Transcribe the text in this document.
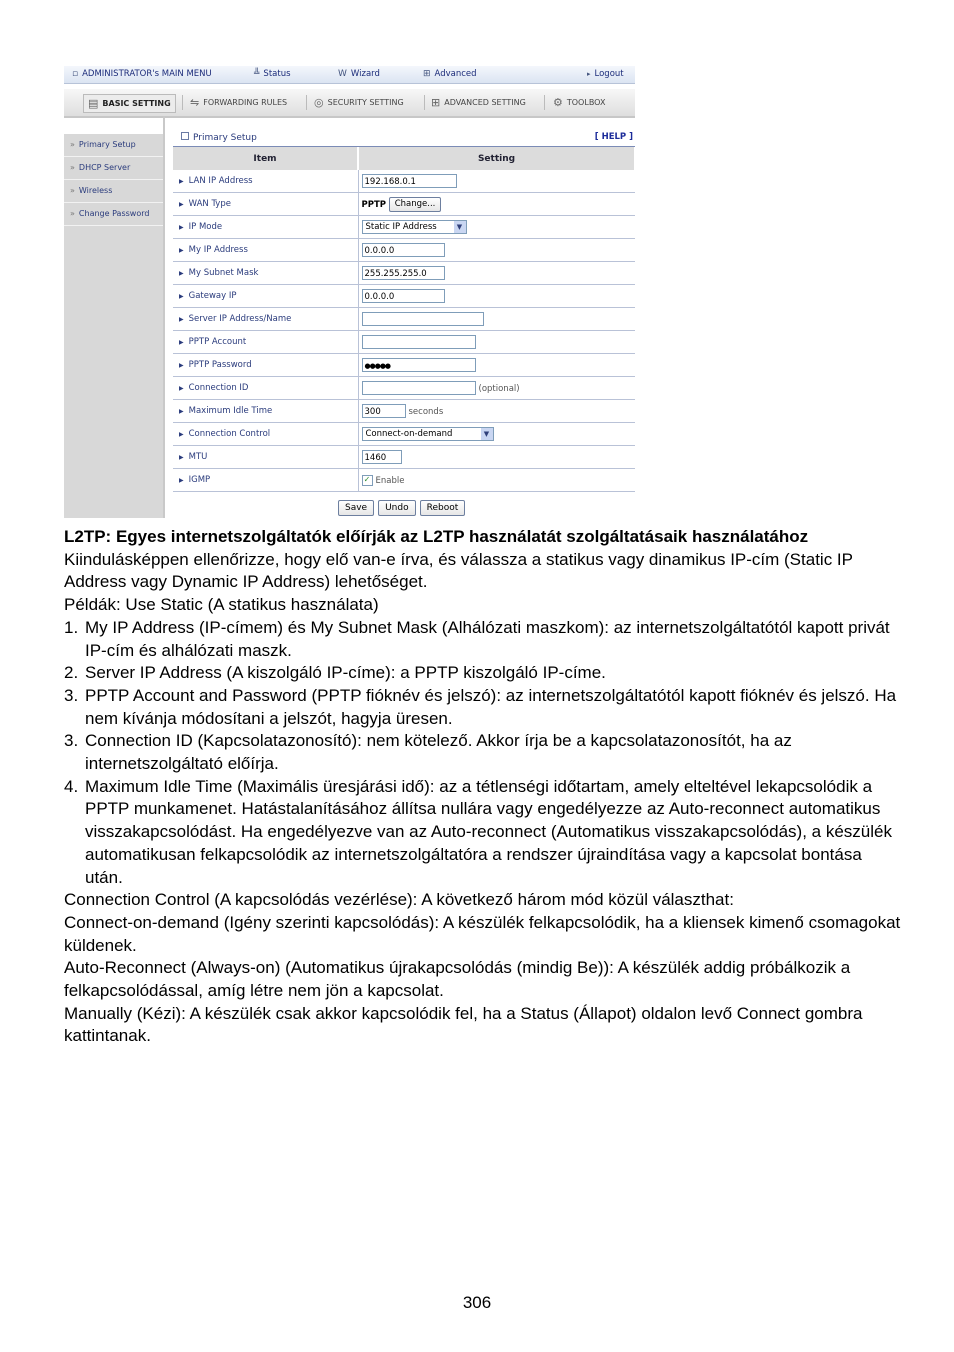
▫ ADMINISTRATOR's MAIN MENU	╩ Status	W Wizard	⊞ Advanced	▸ Logout
▤ BASIC SETTING ⇋ FORWARDING RULES ◎ SECURITY SETTING ⊞ ADVANCED SETTING ⚙ TOOLBOX
» Primary Setup
» DHCP Server
» Wireless
» Change Password
Primary Setup	[ HELP ]
Item	Setting
▶ LAN IP Address	192.168.0.1
▶ WAN Type	PPTP Change...
▶ IP Mode	Static IP Address ▼

▶ My IP Address	0.0.0.0
▶ My Subnet Mask	255.255.255.0
▶ Gateway IP	0.0.0.0
▶ Server IP Address/Name	
▶ PPTP Account	
▶ PPTP Password	●●●●●
▶ Connection ID	(optional)
▶ Maximum Idle Time	300 seconds
▶ Connection Control	Connect-on-demand ▼

▶ MTU	1460
▶ IGMP	✓ Enable
Save	Undo	Reboot

L2TP: Egyes internetszolgáltatók előírják az L2TP használatát szolgáltatásaik használatához

Kiindulásképpen ellenőrizze, hogy elő van-e írva, és válassza a statikus vagy dinamikus IP-cím (Static IP Address vagy Dynamic IP Address) lehetőséget.

Példák: Use Static (A statikus használata)

1. My IP Address (IP-címem) és My Subnet Mask (Alhálózati maszkom): az internetszolgáltatótól kapott privát IP-cím és alhálózati maszk.
2. Server IP Address (A kiszolgáló IP-címe): a PPTP kiszolgáló IP-címe.
3. PPTP Account and Password (PPTP fióknév és jelszó): az internetszolgáltatótól kapott fióknév és jelszó. Ha nem kívánja módosítani a jelszót, hagyja üresen.
3. Connection ID (Kapcsolatazonosító): nem kötelező. Akkor írja be a kapcsolatazonosítót, ha az internetszolgáltató előírja.
4. Maximum Idle Time (Maximális üresjárási idő): az a tétlenségi időtartam, amely elteltével lekapcsolódik a PPTP munkamenet. Hatástalanításához állítsa nullára vagy engedélyezze az Auto-reconnect automatikus visszakapcsolódást. Ha engedélyezve van az Auto-reconnect (Automatikus visszakapcsolódás), a készülék automatikusan felkapcsolódik az internetszolgáltatóra a rendszer újraindítása vagy a kapcsolat bontása után.

Connection Control (A kapcsolódás vezérlése): A következő három mód közül választhat:

Connect-on-demand (Igény szerinti kapcsolódás): A készülék felkapcsolódik, ha a kliensek kimenő csomagokat küldenek.

Auto-Reconnect (Always-on) (Automatikus újrakapcsolódás (mindig Be)): A készülék addig próbálkozik a felkapcsolódással, amíg létre nem jön a kapcsolat.

Manually (Kézi): A készülék csak akkor kapcsolódik fel, ha a Status (Állapot) oldalon levő Connect gombra kattintanak.

306
